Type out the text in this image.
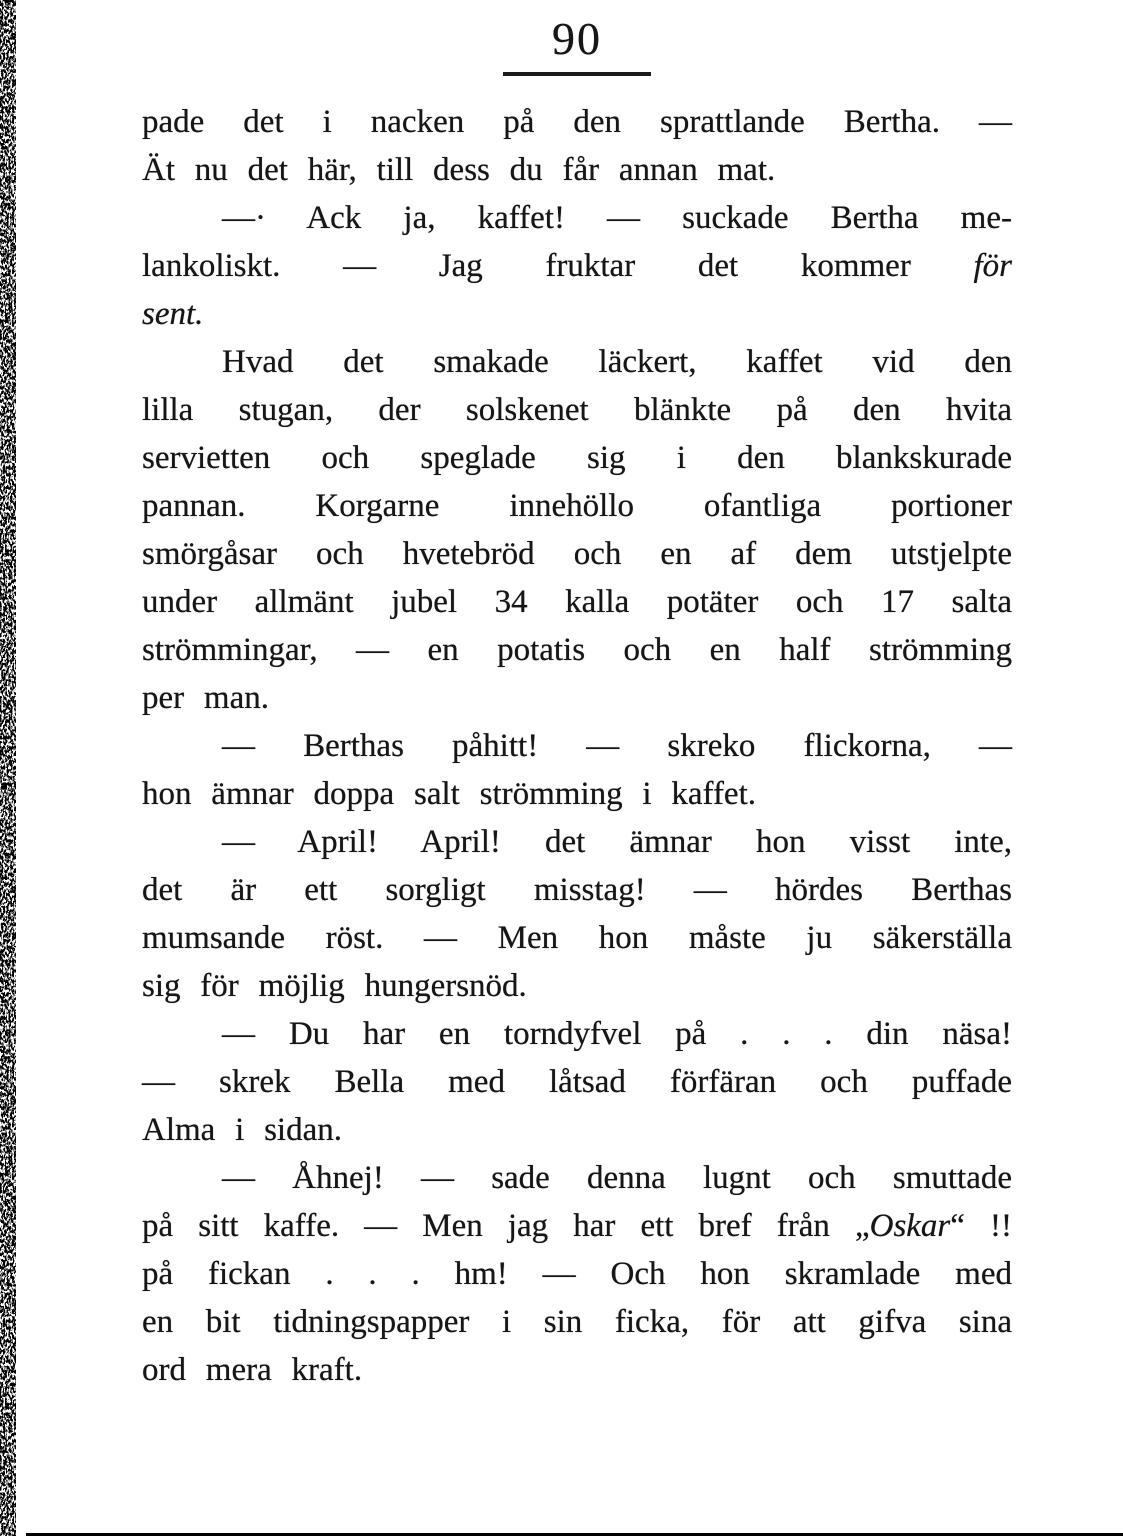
90
pade det i nacken på den sprattlande Bertha. —
Ät nu det här, till dess du får annan mat.
—· Ack ja, kaffet! — suckade Bertha me-
lankoliskt. — Jag fruktar det kommer för
sent.
Hvad det smakade läckert, kaffet vid den
lilla stugan, der solskenet blänkte på den hvita
servietten och speglade sig i den blankskurade
pannan. Korgarne innehöllo ofantliga portioner
smörgåsar och hvetebröd och en af dem utstjelpte
under allmänt jubel 34 kalla potäter och 17 salta
strömmingar, — en potatis och en half strömming
per man.
— Berthas påhitt! — skreko flickorna, —
hon ämnar doppa salt strömming i kaffet.
— April! April! det ämnar hon visst inte,
det är ett sorgligt misstag! — hördes Berthas
mumsande röst. — Men hon måste ju säkerställa
sig för möjlig hungersnöd.
— Du har en torndyfvel på . . . din näsa!
— skrek Bella med låtsad förfäran och puffade
Alma i sidan.
— Åhnej! — sade denna lugnt och smuttade
på sitt kaffe. — Men jag har ett bref från „Oskar“ !!
på fickan . . . hm! — Och hon skramlade med
en bit tidningspapper i sin ficka, för att gifva sina
ord mera kraft.
